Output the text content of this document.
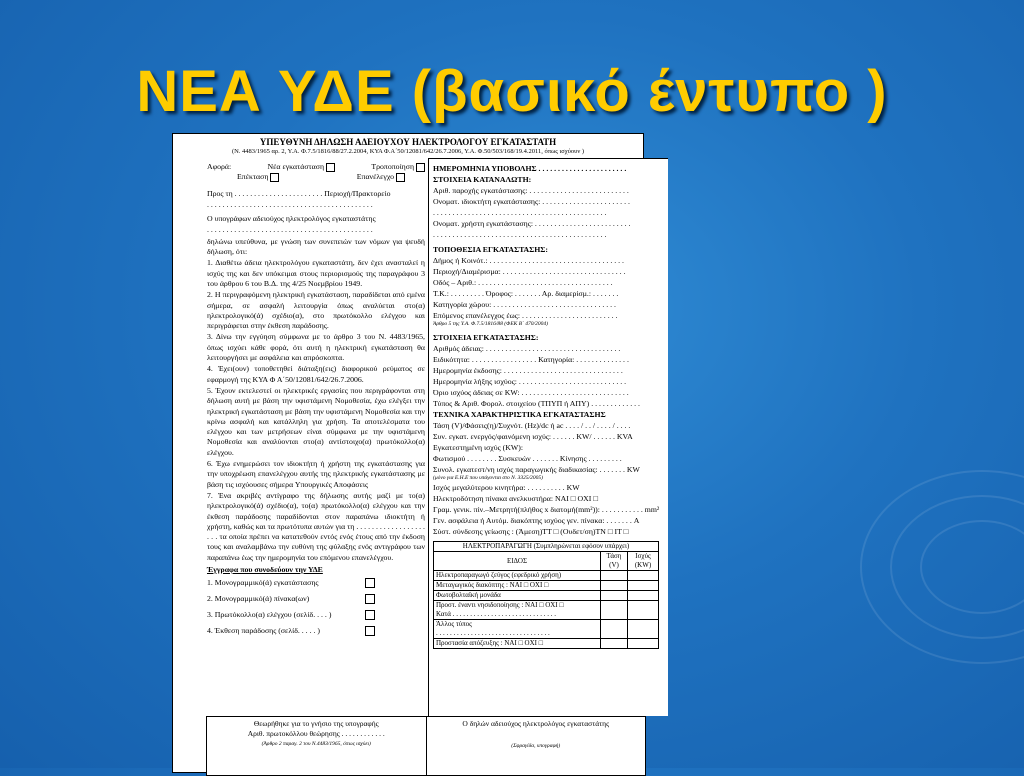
ΝΕΑ ΥΔΕ (βασικό έντυπο )
ΥΠΕΥΘΥΝΗ ΔΗΛΩΣΗ ΑΔΕΙΟΥΧΟΥ ΗΛΕΚΤΡΟΛΟΓΟΥ ΕΓΚΑΤΑΣΤΑΤΗ
(Ν. 4483/1965 αρ. 2, Υ.Α. Φ.7.5/1816/88/27.2.2004, ΚΥΑ Φ.Α΄50/12081/642/26.7.2006, Υ.Α. Φ.50/503/168/19.4.2011, όπως ισχύουν )
Αφορά:	Νέα εγκατάσταση	Τροποποίηση
Επέκταση	Επανέλεγχο

Προς τη . . . . . . . . . . . . . . . . . . . . . . . Περιοχή/Πρακτορείο

. . . . . . . . . . . . . . . . . . . . . . . . . . . . . . . . . . . . . . . . . . .

Ο υπογράφων αδειούχος ηλεκτρολόγος εγκαταστάτης

. . . . . . . . . . . . . . . . . . . . . . . . . . . . . . . . . . . . . . . . . . .

δηλώνω υπεύθυνα, με γνώση των συνεπειών των νόμων για ψευδή δήλωση, ότι:

1. Διαθέτω άδεια ηλεκτρολόγου εγκαταστάτη, δεν έχει ανασταλεί η ισχύς της και δεν υπόκειμαι στους περιορισμούς της παραγράφου 3 του άρθρου 6 του Β.Δ. της 4/25 Νοεμβρίου 1949.

2. Η περιγραφόμενη ηλεκτρική εγκατάσταση, παραδίδεται από εμένα σήμερα, σε ασφαλή λειτουργία όπως αναλύεται στο(α) ηλεκτρολογικό(ά) σχέδιο(α), στο πρωτόκολλο ελέγχου και περιγράφεται στην έκθεση παράδοσης.

3. Δίνω την εγγύηση σύμφωνα με το άρθρο 3 του Ν. 4483/1965, όπως ισχύει κάθε φορά, ότι αυτή η ηλεκτρική εγκατάσταση θα λειτουργήσει με ασφάλεια και απρόσκοπτα.

4. Έχει(ουν) τοποθετηθεί διάταξη(εις) διαφορικού ρεύματος σε εφαρμογή της ΚΥΑ Φ Α΄50/12081/642/26.7.2006.

5. Έχουν εκτελεστεί οι ηλεκτρικές εργασίες που περιγράφονται στη δήλωση αυτή με βάση την υφιστάμενη Νομοθεσία, έχω ελέγξει την ηλεκτρική εγκατάσταση με βάση την υφιστάμενη Νομοθεσία και την κρίνω ασφαλή και κατάλληλη για χρήση. Τα αποτελέσματα του ελέγχου και των μετρήσεων είναι σύμφωνα με την υφιστάμενη Νομοθεσία και αναλύονται στο(α) αντίστοιχο(α) πρωτόκολλο(α) ελέγχου.

6. Έχω ενημερώσει τον ιδιοκτήτη ή χρήστη της εγκατάστασης για την υποχρέωση επανελέγχου αυτής της ηλεκτρικής εγκατάστασης με βάση τις ισχύουσες σήμερα Υπουργικές Αποφάσεις

7. Ένα ακριβές αντίγραφο της δήλωσης αυτής μαζί με το(α) ηλεκτρολογικό(ά) σχέδιο(α), το(α) πρωτόκολλο(α) ελέγχου και την έκθεση παράδοσης παραδίδονται στον παραπάνω ιδιοκτήτη ή χρήστη, καθώς και τα πρωτότυπα αυτών για τη . . . . . . . . . . . . . . . . . . . . . τα οποία πρέπει να κατατεθούν εντός ενός έτους από την έκδοση τους και αναλαμβάνω την ευθύνη της φύλαξης ενός αντιγράφου των παραπάνω έως την ημερομηνία του επόμενου επανελέγχου.

Έγγραφα που συνοδεύουν την ΥΔΕ
1. Μονογραμμικό(ά) εγκατάστασης
2. Μονογραμμικό(ά) πίνακα(ων)
3. Πρωτόκολλο(α) ελέγχου (σελίδ. . . . )
4. Έκθεση παράδοσης (σελίδ. . . . . )
ΗΜΕΡΟΜΗΝΙΑ ΥΠΟΒΟΛΗΣ . . . . . . . . . . . . . . . . . . . . . . .
ΣΤΟΙΧΕΙΑ ΚΑΤΑΝΑΛΩΤΗ:
Αριθ. παροχής εγκατάστασης: . . . . . . . . . . . . . . . . . . . . . . . . . .
Ονοματ. ιδιοκτήτη εγκατάστασης: . . . . . . . . . . . . . . . . . . . . . . .
. . . . . . . . . . . . . . . . . . . . . . . . . . . . . . . . . . . . . . . . . . . . .
Ονοματ. χρήστη εγκατάστασης: . . . . . . . . . . . . . . . . . . . . . . . . .
. . . . . . . . . . . . . . . . . . . . . . . . . . . . . . . . . . . . . . . . . . . . .
ΤΟΠΟΘΕΣΙΑ ΕΓΚΑΤΑΣΤΑΣΗΣ:
Δήμος ή Κοινότ.: . . . . . . . . . . . . . . . . . . . . . . . . . . . . . . . . . . .
Περιοχή/Διαμέρισμα: . . . . . . . . . . . . . . . . . . . . . . . . . . . . . . . .
Οδός – Αριθ.: . . . . . . . . . . . . . . . . . . . . . . . . . . . . . . . . . . .
Τ.Κ.: . . . . . . . . . Όροφος: . . . . . . . Αρ. διαμερίσμ.: . . . . . . .
Κατηγορία χώρου: . . . . . . . . . . . . . . . . . . . . . . . . . . . . . . . .
Επόμενος επανέλεγχος έως: . . . . . . . . . . . . . . . . . . . . . . . . .
Άρθρο 5 της Υ.Α. Φ.7.5/1816/88 (ΦΕΚ Β΄ 470/2004)
ΣΤΟΙΧΕΙΑ ΕΓΚΑΤΑΣΤΑΣΗΣ:
Αριθμός άδειας: . . . . . . . . . . . . . . . . . . . . . . . . . . . . . . . . . . .
Ειδικότητα: . . . . . . . . . . . . . . . . . Κατηγορία: . . . . . . . . . . . . . .
Ημερομηνία έκδοσης: . . . . . . . . . . . . . . . . . . . . . . . . . . . . . . .
Ημερομηνία λήξης ισχύος: . . . . . . . . . . . . . . . . . . . . . . . . . . . .
Όριο ισχύος άδειας σε KW: . . . . . . . . . . . . . . . . . . . . . . . . . . . .
Τύπος & Αριθ. Φορολ. στοιχείου (ΤΠΥΠ ή ΑΠΥ) . . . . . . . . . . . . .
ΤΕΧΝΙΚΑ ΧΑΡΑΚΤΗΡΙΣΤΙΚΑ ΕΓΚΑΤΑΣΤΑΣΗΣ
Τάση (V)/Φάσεις(η)/Συχνότ. (Hz)/dc ή ac . . . . / . . / . . . . / . . . .
Συν. εγκατ. ενεργός/φαινόμενη ισχύς: . . . . . . KW/ . . . . . . KVA
Εγκατεστημένη ισχύς (KW):
Φωτισμού . . . . . . . . Συσκευών . . . . . . . Κίνησης . . . . . . . . .
Συνολ. εγκατεστ/νη ισχύς παραγωγικής διαδικασίας: . . . . . . . KW
(μόνο για Ε.Η.Ε που υπάγονται στο Ν. 3325/2005)
Ισχύς μεγαλύτερου κινητήρα: . . . . . . . . . . KW
Ηλεκτροδότηση πίνακα ανελκυστήρα: ΝΑΙ □ ΟΧΙ □
Γραμ. γενικ. πίν.–Μετρητή(πλήθος x διατομή(mm²)): . . . . . . . . . . . mm²
Γεν. ασφάλεια ή Αυτόμ. διακόπτης ισχύος γεν. πίνακα: . . . . . . . A
Σύστ. σύνδεσης γείωσης : (Άμεση)ΤΤ □ (Ουδετ/ση)ΤΝ □ ΙΤ □
ΗΛΕΚΤΡΟΠΑΡΑΓΩΓΗ (Συμπληρώνεται εφόσον υπάρχει)		
ΕΙΔΟΣ	Τάση (V)	Ισχύς (KW)
Ηλεκτροπαραγωγό ζεύγος (εφεδρικό χρήση)		
Μεταγωγικός διακόπτης : ΝΑΙ □ ΟΧΙ □		
Φωτοβολταϊκή μονάδα		
Προστ. έναντι νησιδοποίησης : ΝΑΙ □ ΟΧΙ □
Κατά . . . . . . . . . . . . . . . . . . . . . . . . . . . . . .		
Άλλος τύπος
. . . . . . . . . . . . . . . . . . . . . . . . . . . . . . . . .		
Προστασία απόζευξης : ΝΑΙ □ ΟΧΙ □		
Θεωρήθηκε για το γνήσιο της υπογραφής
Αριθ. πρωτοκόλλου θεώρησης . . . . . . . . . . . .
(Άρθρο 2 παραγ. 2 του Ν.4483/1965, όπως ισχύει)
Ο δηλών αδειούχος ηλεκτρολόγος εγκαταστάτης
(Σφραγίδα, υπογραφή)
